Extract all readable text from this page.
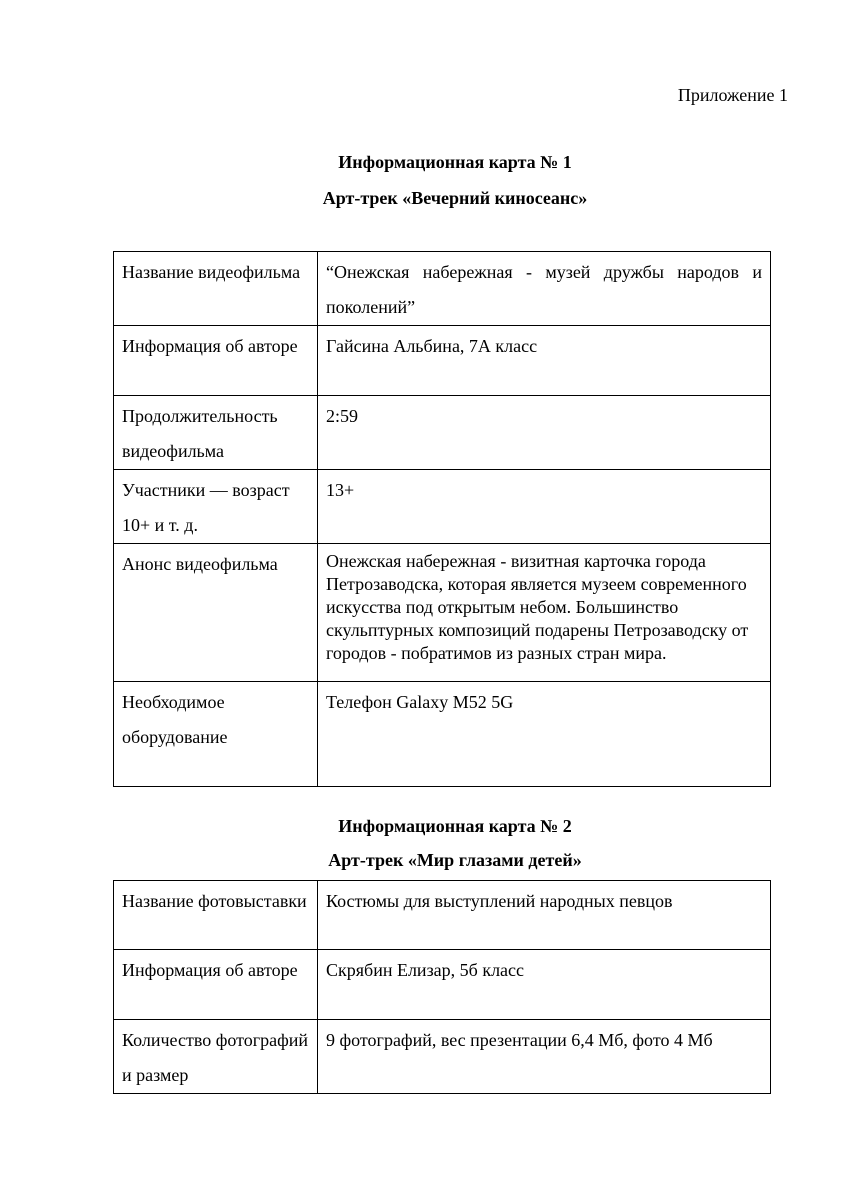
Приложение 1
Информационная карта № 1
Арт-трек «Вечерний киносеанс»
Название видеофильма	“Онежская набережная - музей дружбы народов и поколений”
Информация об авторе	Гайсина Альбина, 7А класс
Продолжительность видеофильма	2:59
Участники — возраст 10+ и т. д.	13+
Анонс видеофильма	Онежская набережная - визитная карточка города Петрозаводска, которая является музеем современного искусства под открытым небом. Большинство скульптурных композиций подарены Петрозаводску от городов - побратимов из разных стран мира.
Необходимое оборудование	Телефон Galaxy M52 5G
Информационная карта № 2
Арт-трек «Мир глазами детей»
Название фотовыставки	Костюмы для выступлений народных певцов
Информация об авторе	Скрябин Елизар, 5б класс
Количество фотографий и размер	9 фотографий, вес презентации 6,4 Мб, фото 4 Мб
